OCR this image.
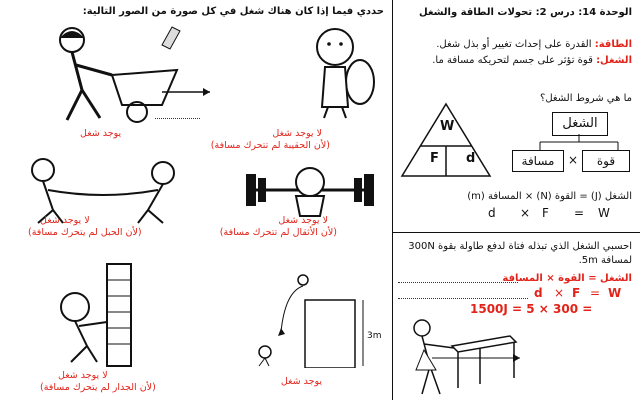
حددي فيما إذا كان هناك شغل في كل صورة من الصور التالية:
يوجد شغل	لا يوجد شغل
(لأن الحقيبة لم تتحرك مسافة)
لا يوجد شغل
(لأن الحبل لم يتحرك مسافة)
لا يوجد شغل
(لأن الأثقال لم تتحرك مسافة)
لا يوجد شغل
(لأن الجدار لم يتحرك مسافة)
3m
يوجد شغل
الوحدة 14: درس 2: تحولات الطاقة والشغل
الطاقة: القدرة على إحداث تغيير أو بذل شغل.
الشغل: قوة تؤثر على جسم لتحريكه مسافة ما.
ما هي شروط الشغل؟
W
F d
الشغل
مسافة	×	قوة
الشغل (J) = القوة (N) × المسافة (m)
d × F = W
احسبي الشغل الذي تبذله فتاة لدفع طاولة بقوة 300N
لمسافة 5m.
الشغل = القوة × المسافة
d × F = W
1500J = 5 × 300 =
